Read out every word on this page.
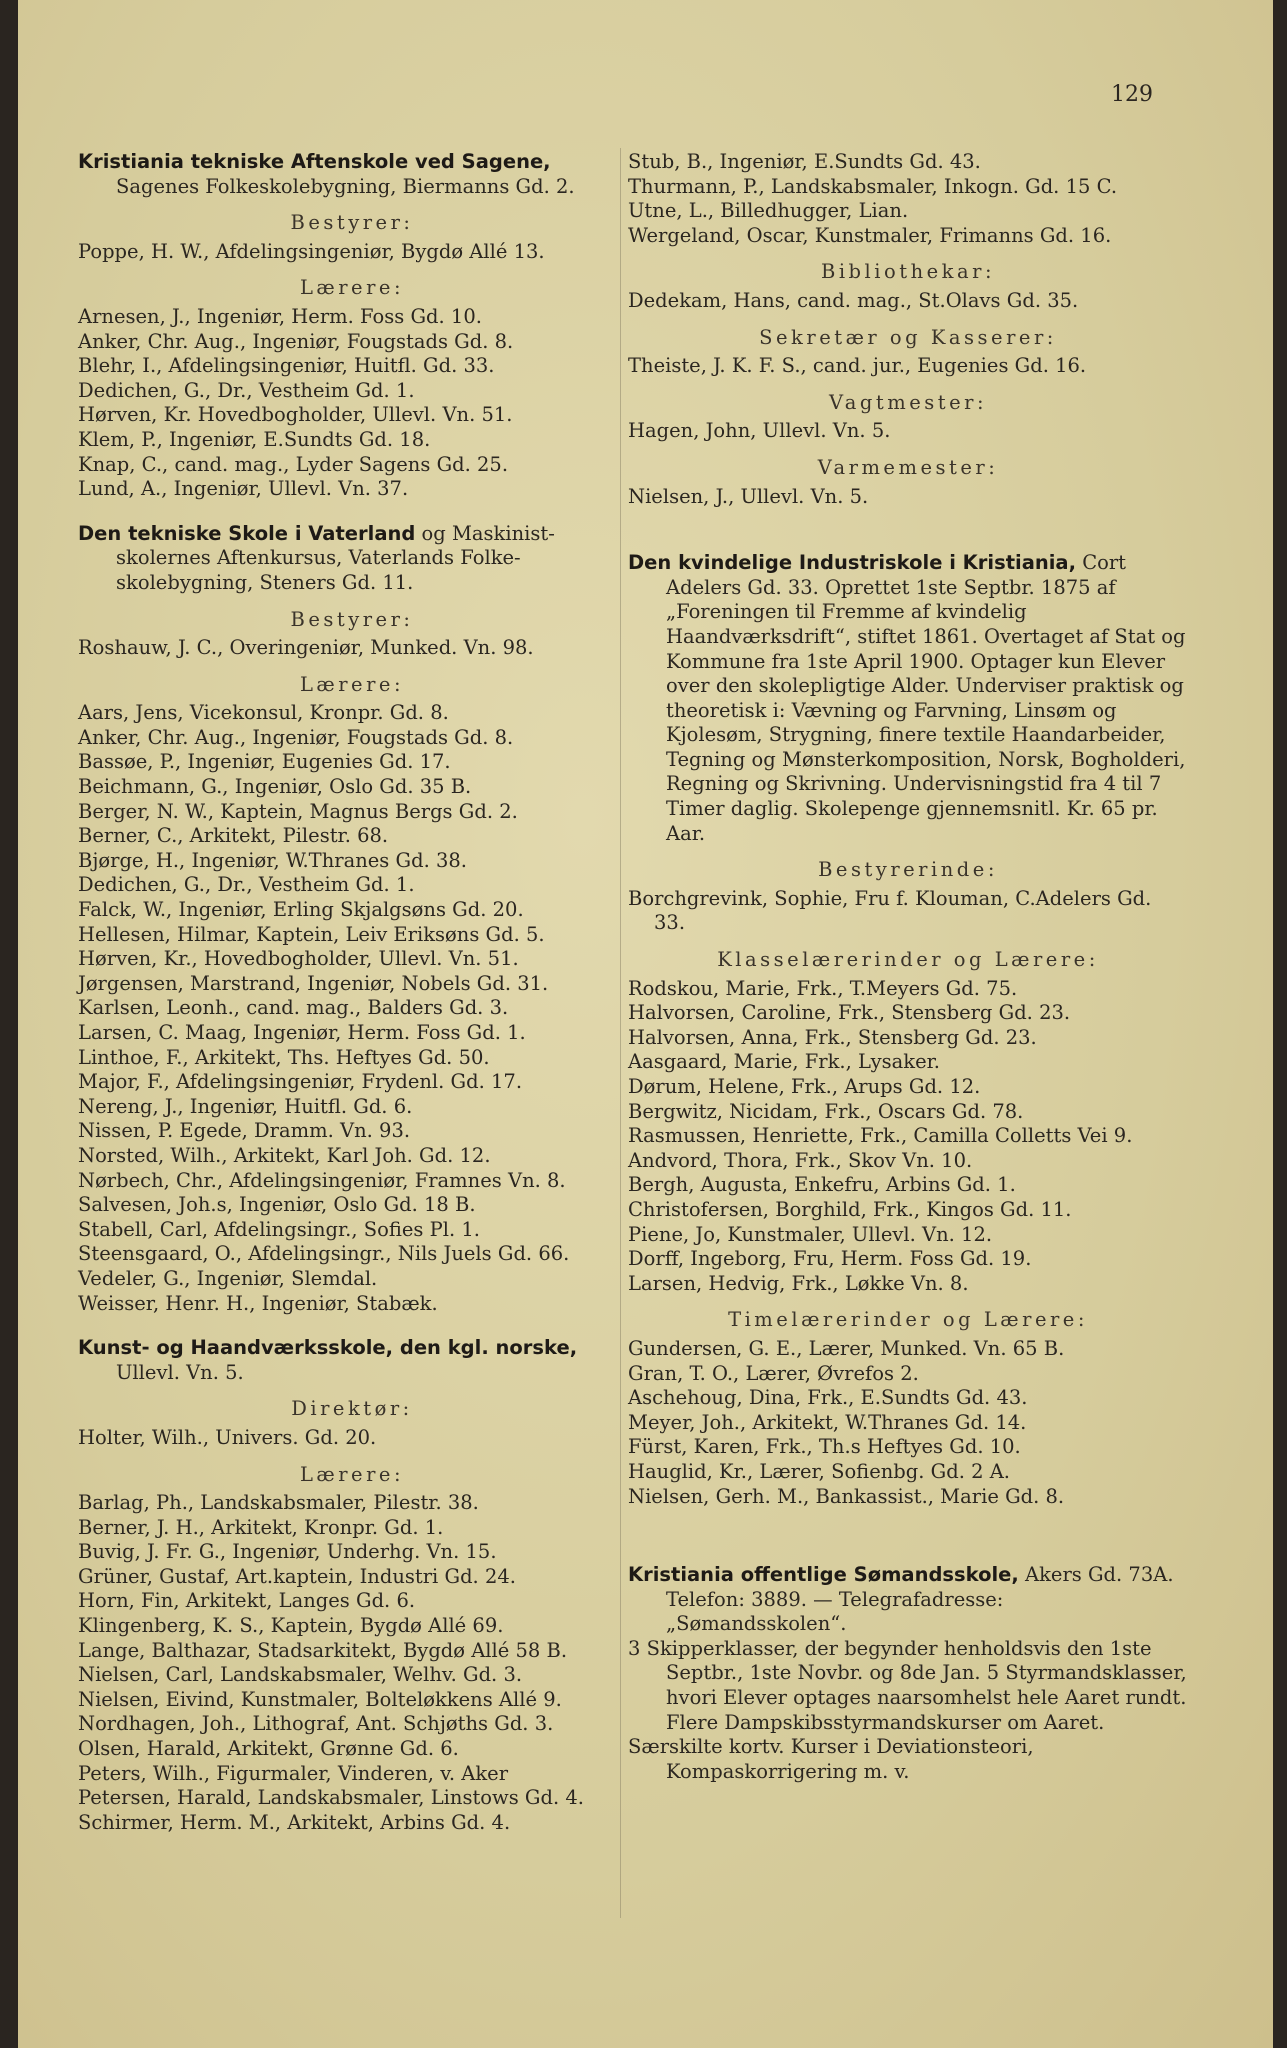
129
Kristiania tekniske Aftenskole ved Sagene, Sagenes Folkeskolebygning, Biermanns Gd. 2.
Bestyrer:
Poppe, H. W., Afdelingsingeniør, Bygdø Allé 13.
Lærere:
Arnesen, J., Ingeniør, Herm. Foss Gd. 10.
Anker, Chr. Aug., Ingeniør, Fougstads Gd. 8.
Blehr, I., Afdelingsingeniør, Huitfl. Gd. 33.
Dedichen, G., Dr., Vestheim Gd. 1.
Hørven, Kr. Hovedbogholder, Ullevl. Vn. 51.
Klem, P., Ingeniør, E.Sundts Gd. 18.
Knap, C., cand. mag., Lyder Sagens Gd. 25.
Lund, A., Ingeniør, Ullevl. Vn. 37.
Den tekniske Skole i Vaterland og Maskinist-skolernes Aftenkursus, Vaterlands Folke-skolebygning, Steners Gd. 11.
Bestyrer:
Roshauw, J. C., Overingeniør, Munked. Vn. 98.
Lærere:
Aars, Jens, Vicekonsul, Kronpr. Gd. 8.
Anker, Chr. Aug., Ingeniør, Fougstads Gd. 8.
Bassøe, P., Ingeniør, Eugenies Gd. 17.
Beichmann, G., Ingeniør, Oslo Gd. 35 B.
Berger, N. W., Kaptein, Magnus Bergs Gd. 2.
Berner, C., Arkitekt, Pilestr. 68.
Bjørge, H., Ingeniør, W.Thranes Gd. 38.
Dedichen, G., Dr., Vestheim Gd. 1.
Falck, W., Ingeniør, Erling Skjalgsøns Gd. 20.
Hellesen, Hilmar, Kaptein, Leiv Eriksøns Gd. 5.
Hørven, Kr., Hovedbogholder, Ullevl. Vn. 51.
Jørgensen, Marstrand, Ingeniør, Nobels Gd. 31.
Karlsen, Leonh., cand. mag., Balders Gd. 3.
Larsen, C. Maag, Ingeniør, Herm. Foss Gd. 1.
Linthoe, F., Arkitekt, Ths. Heftyes Gd. 50.
Major, F., Afdelingsingeniør, Frydenl. Gd. 17.
Nereng, J., Ingeniør, Huitfl. Gd. 6.
Nissen, P. Egede, Dramm. Vn. 93.
Norsted, Wilh., Arkitekt, Karl Joh. Gd. 12.
Nørbech, Chr., Afdelingsingeniør, Framnes Vn. 8.
Salvesen, Joh.s, Ingeniør, Oslo Gd. 18 B.
Stabell, Carl, Afdelingsingr., Sofies Pl. 1.
Steensgaard, O., Afdelingsingr., Nils Juels Gd. 66.
Vedeler, G., Ingeniør, Slemdal.
Weisser, Henr. H., Ingeniør, Stabæk.
Kunst- og Haandværksskole, den kgl. norske, Ullevl. Vn. 5.
Direktør:
Holter, Wilh., Univers. Gd. 20.
Lærere:
Barlag, Ph., Landskabsmaler, Pilestr. 38.
Berner, J. H., Arkitekt, Kronpr. Gd. 1.
Buvig, J. Fr. G., Ingeniør, Underhg. Vn. 15.
Grüner, Gustaf, Art.kaptein, Industri Gd. 24.
Horn, Fin, Arkitekt, Langes Gd. 6.
Klingenberg, K. S., Kaptein, Bygdø Allé 69.
Lange, Balthazar, Stadsarkitekt, Bygdø Allé 58 B.
Nielsen, Carl, Landskabsmaler, Welhv. Gd. 3.
Nielsen, Eivind, Kunstmaler, Bolteløkkens Allé 9.
Nordhagen, Joh., Lithograf, Ant. Schjøths Gd. 3.
Olsen, Harald, Arkitekt, Grønne Gd. 6.
Peters, Wilh., Figurmaler, Vinderen, v. Aker
Petersen, Harald, Landskabsmaler, Linstows Gd. 4.
Schirmer, Herm. M., Arkitekt, Arbins Gd. 4.
Stub, B., Ingeniør, E.Sundts Gd. 43.
Thurmann, P., Landskabsmaler, Inkogn. Gd. 15 C.
Utne, L., Billedhugger, Lian.
Wergeland, Oscar, Kunstmaler, Frimanns Gd. 16.
Bibliothekar:
Dedekam, Hans, cand. mag., St.Olavs Gd. 35.
Sekretær og Kasserer:
Theiste, J. K. F. S., cand. jur., Eugenies Gd. 16.
Vagtmester:
Hagen, John, Ullevl. Vn. 5.
Varmemester:
Nielsen, J., Ullevl. Vn. 5.
Den kvindelige Industriskole i Kristiania, Cort Adelers Gd. 33. Oprettet 1ste Septbr. 1875 af „Foreningen til Fremme af kvindelig Haandværksdrift“, stiftet 1861. Overtaget af Stat og Kommune fra 1ste April 1900. Optager kun Elever over den skolepligtige Alder. Underviser praktisk og theoretisk i: Vævning og Farvning, Linsøm og Kjolesøm, Strygning, finere textile Haandarbeider, Tegning og Mønsterkomposition, Norsk, Bogholderi, Regning og Skrivning. Undervisningstid fra 4 til 7 Timer daglig. Skolepenge gjennemsnitl. Kr. 65 pr. Aar.
Bestyrerinde:
Borchgrevink, Sophie, Fru f. Klouman, C.Adelers Gd. 33.
Klasselærerinder og Lærere:
Rodskou, Marie, Frk., T.Meyers Gd. 75.
Halvorsen, Caroline, Frk., Stensberg Gd. 23.
Halvorsen, Anna, Frk., Stensberg Gd. 23.
Aasgaard, Marie, Frk., Lysaker.
Dørum, Helene, Frk., Arups Gd. 12.
Bergwitz, Nicidam, Frk., Oscars Gd. 78.
Rasmussen, Henriette, Frk., Camilla Colletts Vei 9.
Andvord, Thora, Frk., Skov Vn. 10.
Bergh, Augusta, Enkefru, Arbins Gd. 1.
Christofersen, Borghild, Frk., Kingos Gd. 11.
Piene, Jo, Kunstmaler, Ullevl. Vn. 12.
Dorff, Ingeborg, Fru, Herm. Foss Gd. 19.
Larsen, Hedvig, Frk., Løkke Vn. 8.
Timelærerinder og Lærere:
Gundersen, G. E., Lærer, Munked. Vn. 65 B.
Gran, T. O., Lærer, Øvrefos 2.
Aschehoug, Dina, Frk., E.Sundts Gd. 43.
Meyer, Joh., Arkitekt, W.Thranes Gd. 14.
Fürst, Karen, Frk., Th.s Heftyes Gd. 10.
Hauglid, Kr., Lærer, Sofienbg. Gd. 2 A.
Nielsen, Gerh. M., Bankassist., Marie Gd. 8.
Kristiania offentlige Sømandsskole, Akers Gd. 73A. Telefon: 3889. — Telegrafadresse: „Sømandsskolen“.
3 Skipperklasser, der begynder henholdsvis den 1ste Septbr., 1ste Novbr. og 8de Jan. 5 Styrmandsklasser, hvori Elever optages naarsomhelst hele Aaret rundt. Flere Dampskibsstyrmandskurser om Aaret.
Særskilte kortv. Kurser i Deviationsteori, Kompaskorrigering m. v.
